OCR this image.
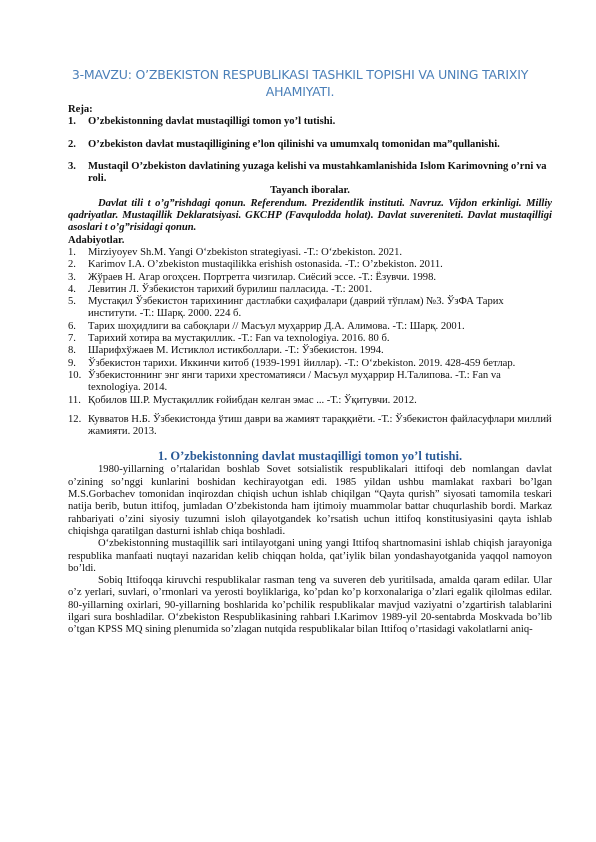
3-MAVZU: O’ZBEKISTON RESPUBLIKASI TASHKIL TOPISHI VA UNING TARIXIY AHAMIYATI.
Reja:
1.	O’zbekistonning davlat mustaqilligi tomon yo’l tutishi.
2.	O’zbekiston davlat mustaqilligining e’lon qilinishi va umumxalq tomonidan ma”qullanishi.
3.	Mustaqil O’zbekiston davlatining yuzaga kelishi va mustahkamlanishida Islom Karimovning o’rni va roli.
Tayanch iboralar.
Davlat tili t o’g”rishdagi qonun. Referendum. Prezidentlik instituti. Navruz. Vijdon erkinligi. Milliy qadriyatlar. Mustaqillik Deklaratsiyasi. GKCHP (Favqulodda holat). Davlat suvereniteti. Davlat mustaqilligi asoslari t o’g”risidagi qonun.
Adabiyotlar.
1.	Mirziyoyev Sh.M. Yangi O‘zbekiston strategiyasi. -T.: O‘zbekiston. 2021.
2.	Karimov I.A. O’zbekiston mustaqilikka erishish ostonasida. -T.: O’zbekiston. 2011.
3.	Жўраев Н. Агар огоҳсен. Портретга чизгилар. Сиёсий эссе. -Т.: Ёзувчи. 1998.
4.	Левитин Л. Ўзбекистон тарихий бурилиш палласида. -Т.: 2001.
5.	Мустақил Ўзбекистон тарихининг дастлабки саҳифалари (даврий тўплам) №3. ЎзФА Тарих институти. -Т.: Шарқ. 2000. 224 б.
6.	Тарих шоҳидлиги ва сабоқлари // Масъул муҳаррир Д.А. Алимова. -Т.: Шарқ. 2001.
7.	Тарихий хотира ва мустақиллик. -Т.: Fan va texnologiya. 2016. 80 б.
8.	Шарифхўжаев М. Истиклол истикболлари. -Т.: Ўзбекистон. 1994.
9.	Ўзбекистон тарихи. Иккинчи китоб (1939-1991 йиллар). -Т.: O‘zbekiston. 2019. 428-459 бетлар.
10. Ўзбекистоннинг энг янги тарихи хрестоматияси / Масъул муҳаррир Н.Талипова. -Т.: Fan va texnologiya. 2014.
11. Қобилов Ш.Р. Мустақиллик ғойибдан келган эмас ... -Т.: Ўқитувчи. 2012.
12. Кувватов Н.Б. Ўзбекистонда ўтиш даври ва жамият тараққиёти. -Т.: Ўзбекистон файласуфлари миллий жамияти. 2013.
1. O’zbekistonning davlat mustaqilligi tomon yo’l tutishi.
1980-yillarning o’rtalaridan boshlab Sovet sotsialistik respublikalari ittifoqi deb nomlangan davlat o’zining so’nggi kunlarini boshidan kechirayotgan edi. 1985 yildan ushbu mamlakat raxbari bo’lgan M.S.Gorbachev tomonidan inqirozdan chiqish uchun ishlab chiqilgan “Qayta qurish” siyosati tamomila teskari natija berib, butun ittifoq, jumladan O’zbekistonda ham ijtimoiy muammolar battar chuqurlashib bordi. Markaz rahbariyati o’zini siyosiy tuzumni isloh qilayotgandek ko’rsatish uchun ittifoq konstitusiyasini qayta ishlab chiqishga qaratilgan dasturni ishlab chiqa boshladi.
O‘zbekistonning mustaqillik sari intilayotgani uning yangi Ittifoq shartnomasini ishlab chiqish jarayoniga respublika manfaati nuqtayi nazaridan kelib chiqqan holda, qat’iylik bilan yondashayotganida yaqqol namoyon bo’ldi.
Sobiq Ittifoqqa kiruvchi respublikalar rasman teng va suveren deb yuritilsada, amalda qaram edilar. Ular o’z yerlari, suvlari, o’rmonlari va yerosti boyliklariga, ko’pdan ko’p korxonalariga o’zlari egalik qilolmas edilar. 80-yillarning oxirlari, 90-yillarning boshlarida ko’pchilik respublikalar mavjud vaziyatni o’zgartirish talablarini ilgari sura boshladilar. O‘zbekiston Respublikasining rahbari I.Karimov 1989-yil 20-sentabrda Moskvada bo’lib o’tgan KPSS MQ sining plenumida so’zlagan nutqida respublikalar bilan Ittifoq o’rtasidagi vakolatlarni aniq-
